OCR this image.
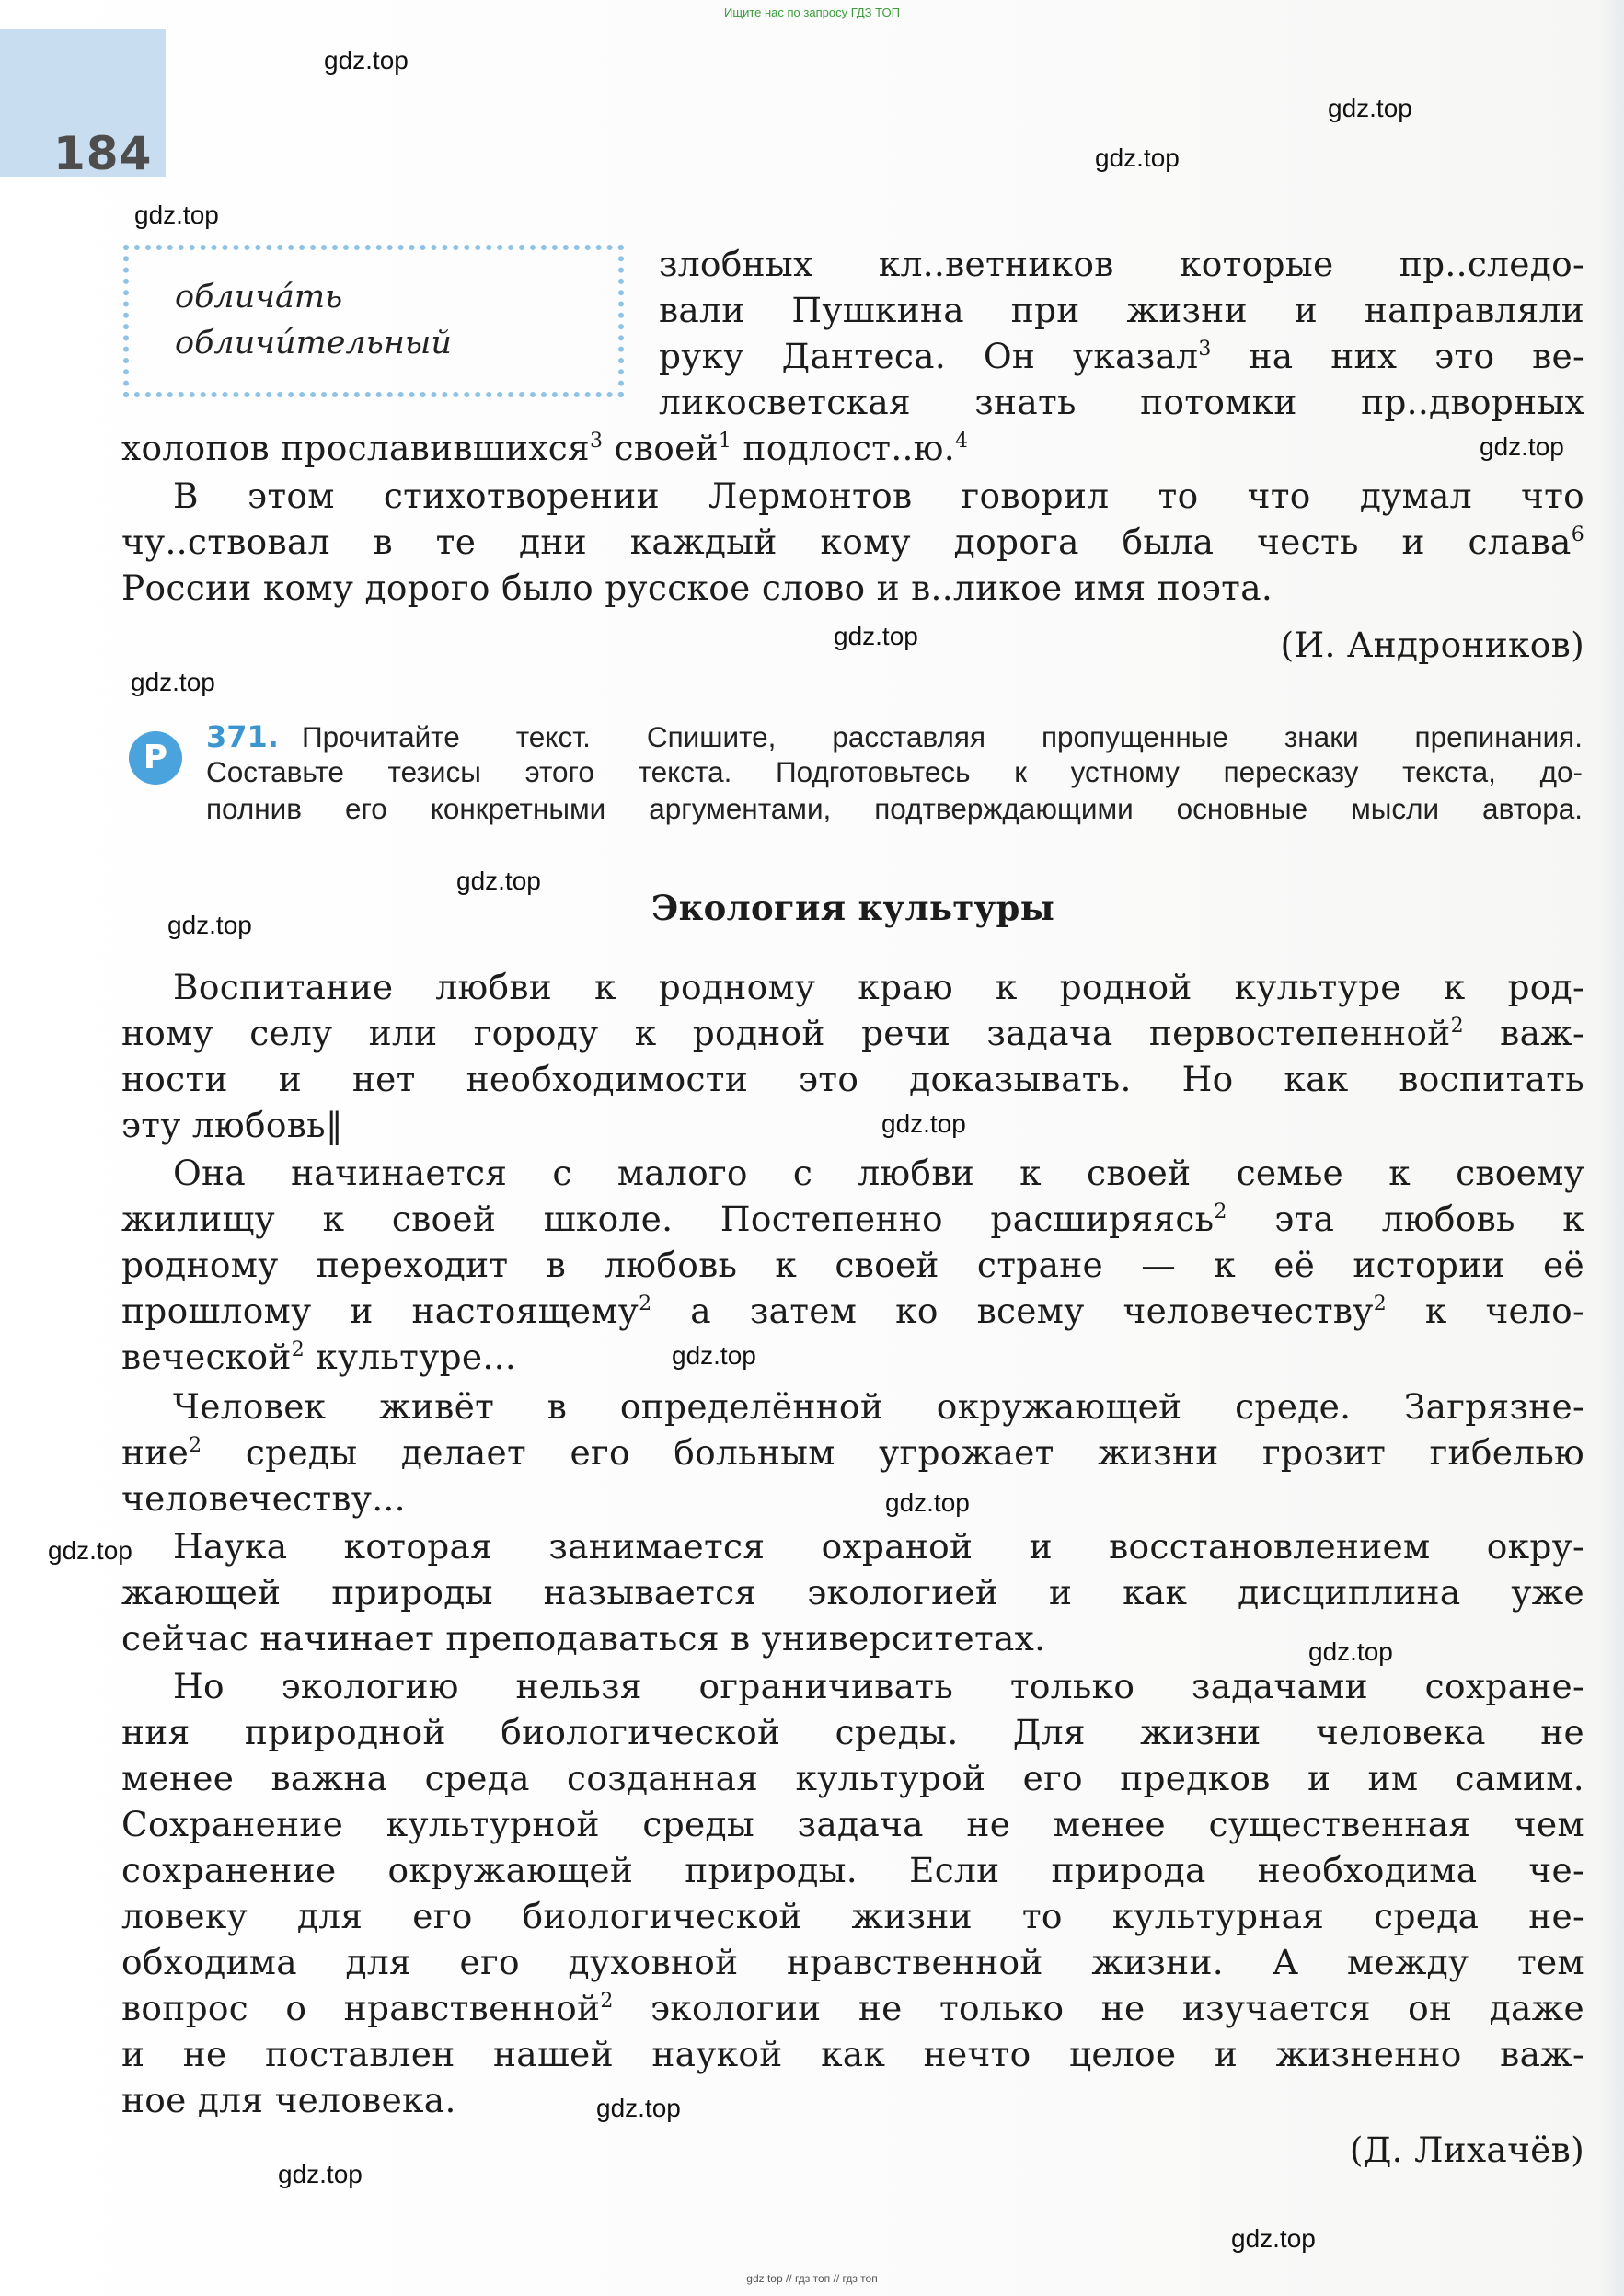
Ищите нас по запросу ГДЗ ТОП
184
gdz.top
gdz.top
gdz.top
gdz.top
gdz.top
gdz.top
gdz.top
gdz.top
gdz.top
gdz.top
gdz.top
gdz.top
gdz.top
gdz.top
gdz.top
gdz.top
gdz.top
обличáть
обличи́тельный
злобных кл..ветников которые пр..следо-
вали Пушкина при жизни и направляли
руку Дантеса. Он указал$^3$ на них это ве-
ликосветская знать потомки пр..дворных
холопов прославившихся$^3$ своей$^1$ подлост..ю.$^4$
В этом стихотворении Лермонтов говорил то что думал что
чу..ствовал в те дни каждый кому дорога была честь и слава$^6$
России кому дорого было русское слово и в..ликое имя поэта.
(И. Андроников)
Р
371. Прочитайте текст. Спишите, расставляя пропущенные знаки препинания.
Составьте тезисы этого текста. Подготовьтесь к устному пересказу текста, до-
полнив его конкретными аргументами, подтверждающими основные мысли автора.
Экология культуры
Воспитание любви к родному краю к родной культуре к род-
ному селу или городу к родной речи задача первостепенной$^2$ важ-
ности и нет необходимости это доказывать. Но как воспитать
эту любовь‖
Она начинается с малого с любви к своей семье к своему
жилищу к своей школе. Постепенно расширяясь$^2$ эта любовь к
родному переходит в любовь к своей стране — к её истории её
прошлому и настоящему$^2$ а затем ко всему человечеству$^2$ к чело-
веческой$^2$ культуре...
Человек живёт в определённой окружающей среде. Загрязне-
ние$^2$ среды делает его больным угрожает жизни грозит гибелью
человечеству...
Наука которая занимается охраной и восстановлением окру-
жающей природы называется экологией и как дисциплина уже
сейчас начинает преподаваться в университетах.
Но экологию нельзя ограничивать только задачами сохране-
ния природной биологической среды. Для жизни человека не
менее важна среда созданная культурой его предков и им самим.
Сохранение культурной среды задача не менее существенная чем
сохранение окружающей природы. Если природа необходима че-
ловеку для его биологической жизни то культурная среда не-
обходима для его духовной нравственной жизни. А между тем
вопрос о нравственной$^2$ экологии не только не изучается он даже
и не поставлен нашей наукой как нечто целое и жизненно важ-
ное для человека.
(Д. Лихачёв)
gdz top // гдз топ // гдз топ
